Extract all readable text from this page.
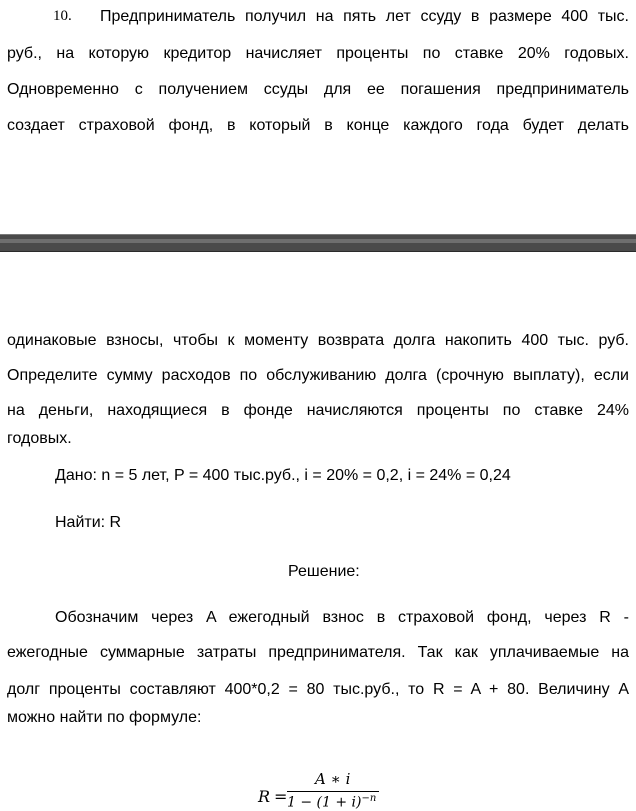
10. Предприниматель получил на пять лет ссуду в размере 400 тыс.
руб., на которую кредитор начисляет проценты по ставке 20% годовых.
Одновременно с получением ссуды для ее погашения предприниматель
создает страховой фонд, в который в конце каждого года будет делать
одинаковые взносы, чтобы к моменту возврата долга накопить 400 тыс. руб.
Определите сумму расходов по обслуживанию долга (срочную выплату), если
на деньги, находящиеся в фонде начисляются проценты по ставке 24%
годовых.
Дано: n = 5 лет, P = 400 тыс.руб., i = 20% = 0,2, i = 24% = 0,24
Найти: R
Решение:
Обозначим через A ежегодный взнос в страховой фонд, через R -
ежегодные суммарные затраты предпринимателя. Так как уплачиваемые на
долг проценты составляют 400*0,2 = 80 тыс.руб., то R = A + 80. Величину A
можно найти по формуле:
R =
A ∗ i
$1 - (1 + i)^{-n}$
